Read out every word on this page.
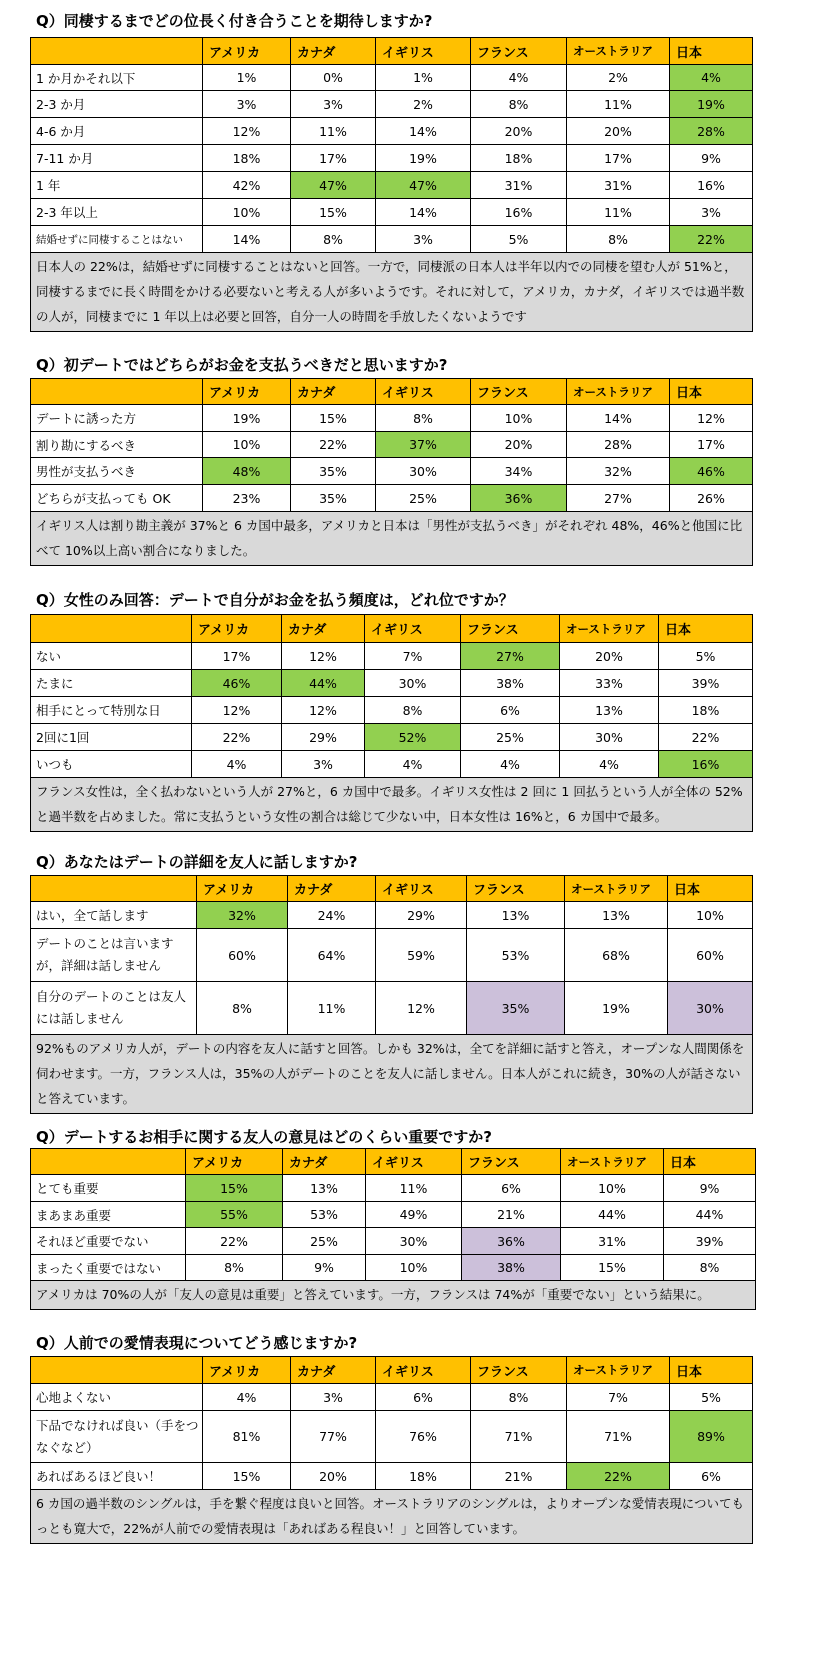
Q）同棲するまでどの位長く付き合うことを期待しますか?
	アメリカ	カナダ	イギリス	フランス	オーストラリア	日本
1 か月かそれ以下	1%	0%	1%	4%	2%	4%
2-3 か月	3%	3%	2%	8%	11%	19%
4-6 か月	12%	11%	14%	20%	20%	28%
7-11 か月	18%	17%	19%	18%	17%	9%
1 年	42%	47%	47%	31%	31%	16%
2-3 年以上	10%	15%	14%	16%	11%	3%
結婚せずに同棲することはない	14%	8%	3%	5%	8%	22%
日本人の 22%は，結婚せずに同棲することはないと回答。一方で，同棲派の日本人は半年以内での同棲を望む人が 51%と，同棲するまでに長く時間をかける必要ないと考える人が多いようです。それに対して，アメリカ，カナダ，イギリスでは過半数の人が，同棲までに 1 年以上は必要と回答，自分一人の時間を手放したくないようです						
Q）初デートではどちらがお金を支払うべきだと思いますか?
	アメリカ	カナダ	イギリス	フランス	オーストラリア	日本
デートに誘った方	19%	15%	8%	10%	14%	12%
割り勘にするべき	10%	22%	37%	20%	28%	17%
男性が支払うべき	48%	35%	30%	34%	32%	46%
どちらが支払っても OK	23%	35%	25%	36%	27%	26%
イギリス人は割り勘主義が 37%と 6 カ国中最多，アメリカと日本は「男性が支払うべき」がそれぞれ 48%，46%と他国に比べて 10%以上高い割合になりました。						
Q）女性のみ回答：デートで自分がお金を払う頻度は，どれ位ですか？
	アメリカ	カナダ	イギリス	フランス	オーストラリア	日本
ない	17%	12%	7%	27%	20%	5%
たまに	46%	44%	30%	38%	33%	39%
相手にとって特別な日	12%	12%	8%	6%	13%	18%
2回に1回	22%	29%	52%	25%	30%	22%
いつも	4%	3%	4%	4%	4%	16%
フランス女性は，全く払わないという人が 27%と，6 カ国中で最多。イギリス女性は 2 回に 1 回払うという人が全体の 52%と過半数を占めました。常に支払うという女性の割合は総じて少ない中，日本女性は 16%と，6 カ国中で最多。						
Q）あなたはデートの詳細を友人に話しますか?
	アメリカ	カナダ	イギリス	フランス	オーストラリア	日本
はい，全て話します	32%	24%	29%	13%	13%	10%
デートのことは言いますが，詳細は話しません	60%	64%	59%	53%	68%	60%
自分のデートのことは友人には話しません	8%	11%	12%	35%	19%	30%
92%ものアメリカ人が，デートの内容を友人に話すと回答。しかも 32%は，全てを詳細に話すと答え，オープンな人間関係を伺わせます。一方，フランス人は，35%の人がデートのことを友人に話しません。日本人がこれに続き，30%の人が話さないと答えています。						
Q）デートするお相手に関する友人の意見はどのくらい重要ですか?
	アメリカ	カナダ	イギリス	フランス	オーストラリア	日本
とても重要	15%	13%	11%	6%	10%	9%
まあまあ重要	55%	53%	49%	21%	44%	44%
それほど重要でない	22%	25%	30%	36%	31%	39%
まったく重要ではない	8%	9%	10%	38%	15%	8%
アメリカは 70%の人が「友人の意見は重要」と答えています。一方，フランスは 74%が「重要でない」という結果に。						
Q）人前での愛情表現についてどう感じますか?
	アメリカ	カナダ	イギリス	フランス	オーストラリア	日本
心地よくない	4%	3%	6%	8%	7%	5%
下品でなければ良い（手をつなぐなど）	81%	77%	76%	71%	71%	89%
あればあるほど良い！	15%	20%	18%	21%	22%	6%
6 カ国の過半数のシングルは，手を繋ぐ程度は良いと回答。オーストラリアのシングルは，よりオープンな愛情表現についてもっとも寛大で，22%が人前での愛情表現は「あればある程良い！」と回答しています。						
